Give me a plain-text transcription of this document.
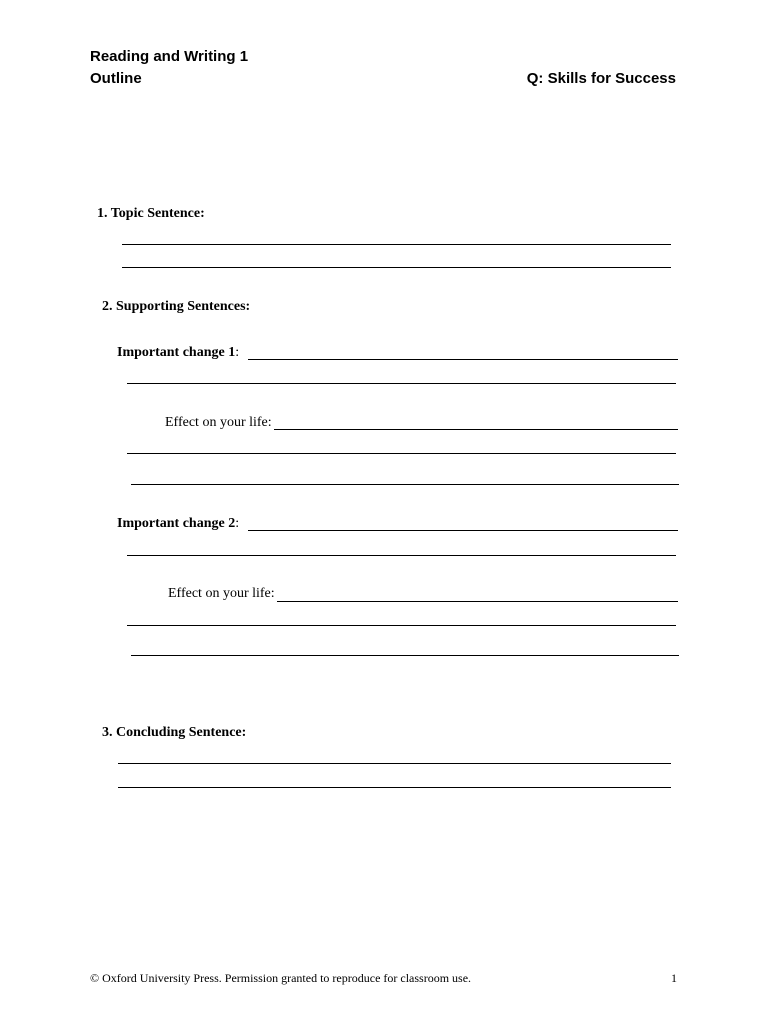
Reading and Writing 1
Outline	Q: Skills for Success
1. Topic Sentence:
2. Supporting Sentences:
Important change 1:
Effect on your life:
Important change 2:
Effect on your life:
3. Concluding Sentence:
© Oxford University Press. Permission granted to reproduce for classroom use.	1
